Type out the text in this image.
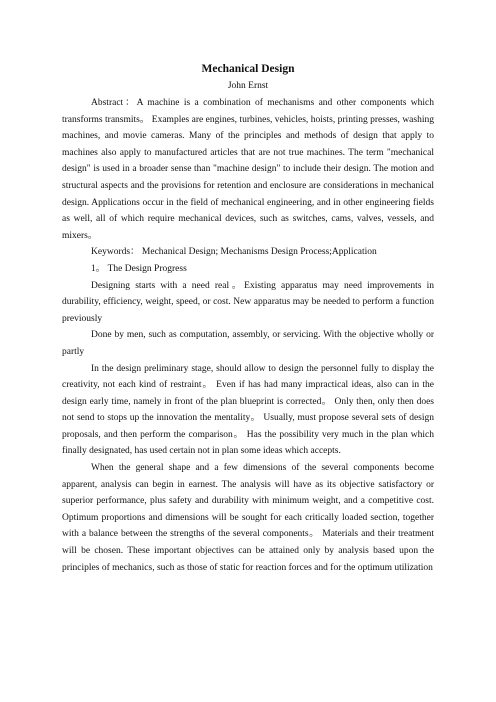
Mechanical Design
John Ernst

Abstract：A machine is a combination of mechanisms and other components which transforms transmits。 Examples are engines, turbines, vehicles, hoists, printing presses, washing machines, and movie cameras. Many of the principles and methods of design that apply to machines also apply to manufactured articles that are not true machines. The term "mechanical design" is used in a broader sense than "machine design" to include their design. The motion and structural aspects and the provisions for retention and enclosure are considerations in mechanical design. Applications occur in the field of mechanical engineering, and in other engineering fields as well, all of which require mechanical devices, such as switches, cams, valves, vessels, and mixers。

Keywords： Mechanical Design; Mechanisms Design Process;Application

1。 The Design Progress

Designing starts with a need real。Existing apparatus may need improvements in durability, efficiency, weight, speed, or cost. New apparatus may be needed to perform a function previously

Done by men, such as computation, assembly, or servicing. With the objective wholly or partly

In the design preliminary stage, should allow to design the personnel fully to display the creativity, not each kind of restraint。 Even if has had many impractical ideas, also can in the design early time, namely in front of the plan blueprint is corrected。 Only then, only then does not send to stops up the innovation the mentality。 Usually, must propose several sets of design proposals, and then perform the comparison。 Has the possibility very much in the plan which finally designated, has used certain not in plan some ideas which accepts.

When the general shape and a few dimensions of the several components become apparent, analysis can begin in earnest. The analysis will have as its objective satisfactory or superior performance, plus safety and durability with minimum weight, and a competitive cost. Optimum proportions and dimensions will be sought for each critically loaded section, together with a balance between the strengths of the several components。 Materials and their treatment will be chosen. These important objectives can be attained only by analysis based upon the principles of mechanics, such as those of static for reaction forces and for the optimum utilization
